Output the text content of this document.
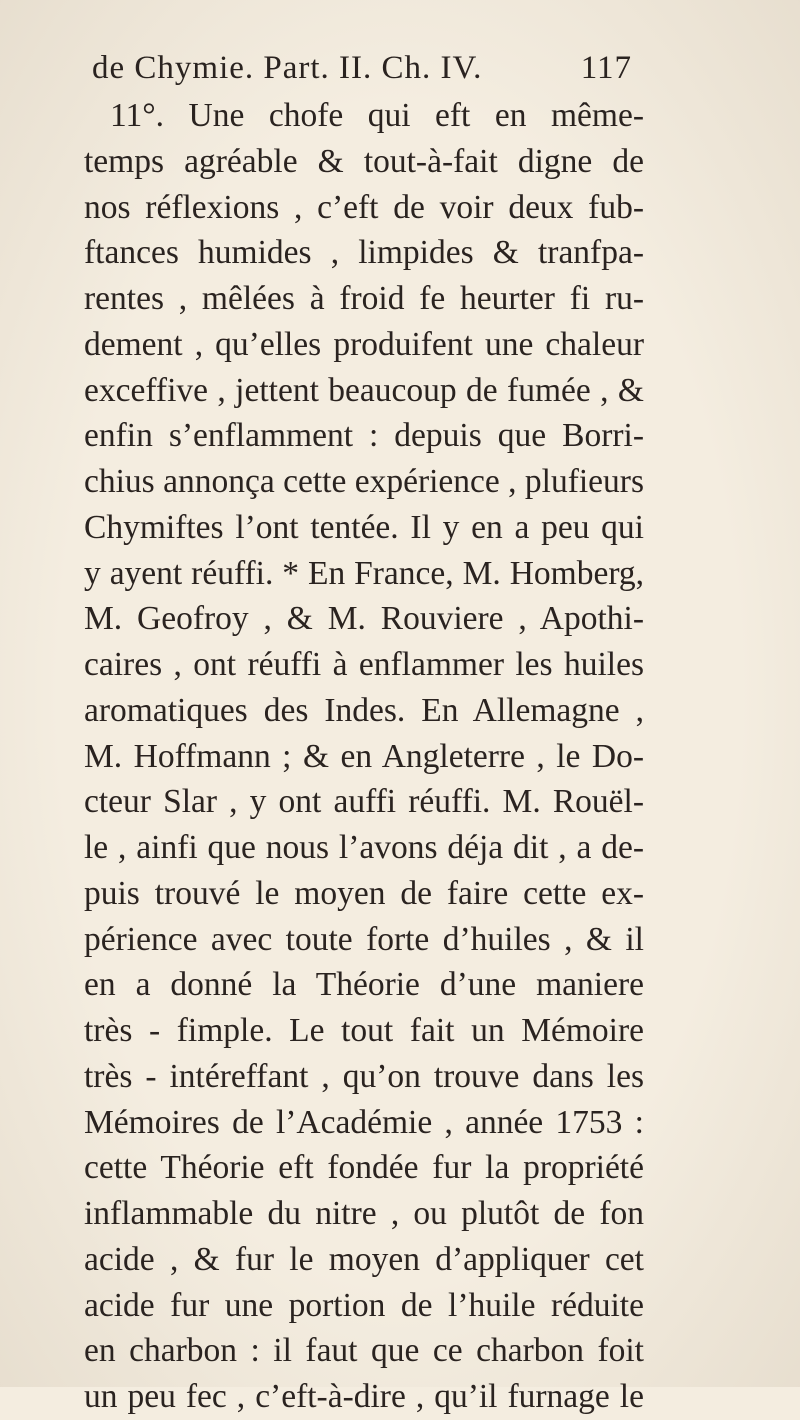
de Chymie. Part. II. Ch. IV.	117
11°. Une chofe qui eft en même-
temps agréable & tout-à-fait digne de
nos réflexions , c’eft de voir deux fub-
ftances humides , limpides & tranfpa-
rentes , mêlées à froid fe heurter fi ru-
dement , qu’elles produifent une chaleur
exceffive , jettent beaucoup de fumée , &
enfin s’enflamment : depuis que Borri-
chius annonça cette expérience , plufieurs
Chymiftes l’ont tentée. Il y en a peu qui
y ayent réuffi. * En France, M. Homberg,
M. Geofroy , & M. Rouviere , Apothi-
caires , ont réuffi à enflammer les huiles
aromatiques des Indes. En Allemagne ,
M. Hoffmann ; & en Angleterre , le Do-
cteur Slar , y ont auffi réuffi. M. Rouël-
le , ainfi que nous l’avons déja dit , a de-
puis trouvé le moyen de faire cette ex-
périence avec toute forte d’huiles , & il
en a donné la Théorie d’une maniere
très - fimple. Le tout fait un Mémoire
très - intéreffant , qu’on trouve dans les
Mémoires de l’Académie , année 1753 :
cette Théorie eft fondée fur la propriété
inflammable du nitre , ou plutôt de fon
acide , & fur le moyen d’appliquer cet
acide fur une portion de l’huile réduite
en charbon : il faut que ce charbon foit
un peu fec , c’eft-à-dire , qu’il furnage le
